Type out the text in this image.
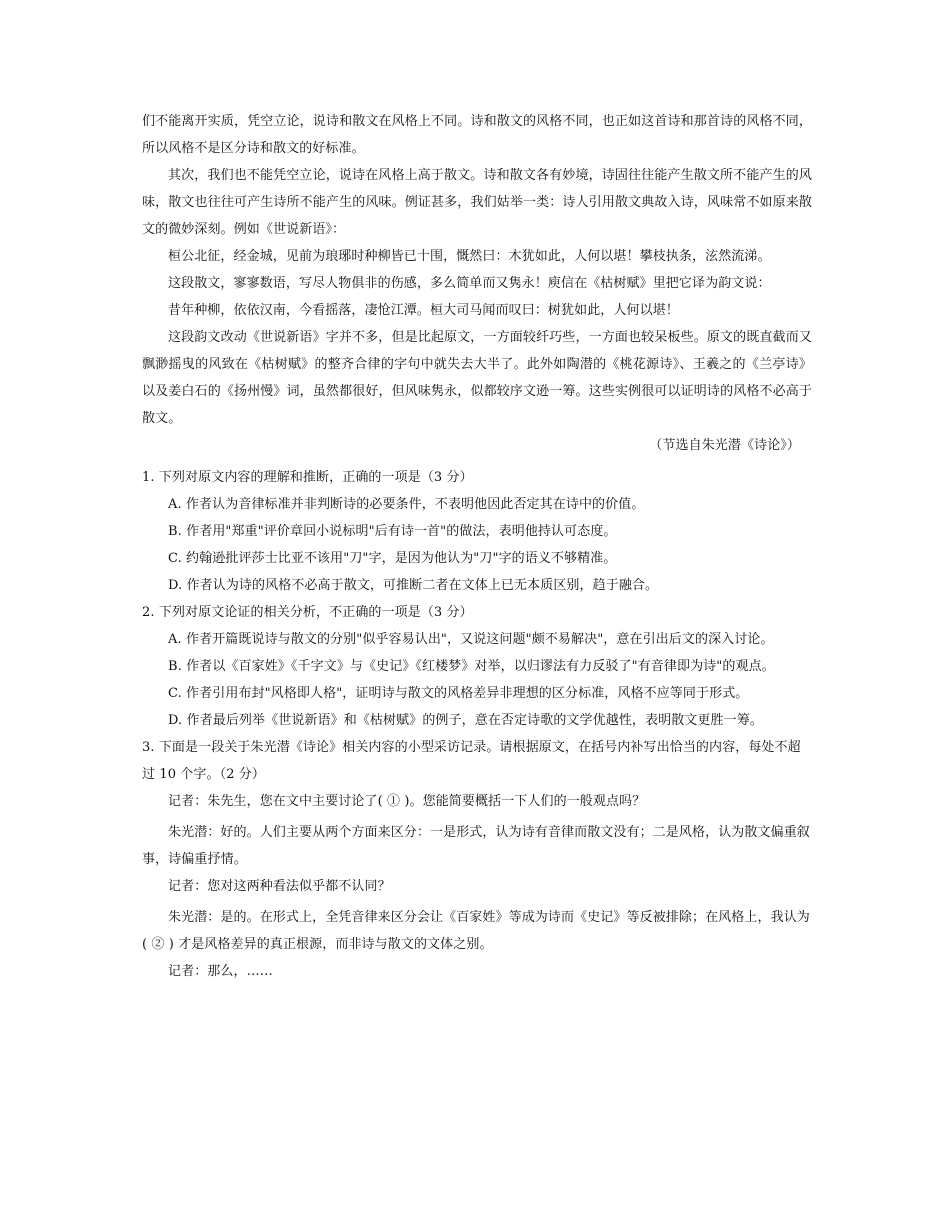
们不能离开实质，凭空立论，说诗和散文在风格上不同。诗和散文的风格不同，也正如这首诗和那首诗的风格不同，所以风格不是区分诗和散文的好标准。

其次，我们也不能凭空立论，说诗在风格上高于散文。诗和散文各有妙境，诗固往往能产生散文所不能产生的风味，散文也往往可产生诗所不能产生的风味。例证甚多，我们姑举一类：诗人引用散文典故入诗，风味常不如原来散文的微妙深刻。例如《世说新语》：

桓公北征，经金城，见前为琅琊时种柳皆已十围，慨然曰：木犹如此，人何以堪！攀枝执条，泫然流涕。

这段散文，寥寥数语，写尽人物俱非的伤感，多么简单而又隽永！庾信在《枯树赋》里把它译为韵文说：

昔年种柳，依依汉南，今看摇落，凄怆江潭。桓大司马闻而叹曰：树犹如此，人何以堪！

这段韵文改动《世说新语》字并不多，但是比起原文，一方面较纤巧些，一方面也较呆板些。原文的既直截而又飘渺摇曳的风致在《枯树赋》的整齐合律的字句中就失去大半了。此外如陶潜的《桃花源诗》、王羲之的《兰亭诗》以及姜白石的《扬州慢》词，虽然都很好，但风味隽永，似都较序文逊一筹。这些实例很可以证明诗的风格不必高于散文。

（节选自朱光潜《诗论》）

1. 下列对原文内容的理解和推断，正确的一项是（3 分）

A. 作者认为音律标准并非判断诗的必要条件，不表明他因此否定其在诗中的价值。

B. 作者用"郑重"评价章回小说标明"后有诗一首"的做法，表明他持认可态度。

C. 约翰逊批评莎士比亚不该用"刀"字，是因为他认为"刀"字的语义不够精准。

D. 作者认为诗的风格不必高于散文，可推断二者在文体上已无本质区别，趋于融合。

2. 下列对原文论证的相关分析，不正确的一项是（3 分）

A. 作者开篇既说诗与散文的分别"似乎容易认出"，又说这问题"颇不易解决"，意在引出后文的深入讨论。

B. 作者以《百家姓》《千字文》与《史记》《红楼梦》对举，以归谬法有力反驳了"有音律即为诗"的观点。

C. 作者引用布封"风格即人格"，证明诗与散文的风格差异非理想的区分标准，风格不应等同于形式。

D. 作者最后列举《世说新语》和《枯树赋》的例子，意在否定诗歌的文学优越性，表明散文更胜一筹。

3. 下面是一段关于朱光潜《诗论》相关内容的小型采访记录。请根据原文，在括号内补写出恰当的内容，每处不超过 10 个字。（2 分）

记者：朱先生，您在文中主要讨论了( ① )。您能简要概括一下人们的一般观点吗？

朱光潜：好的。人们主要从两个方面来区分：一是形式，认为诗有音律而散文没有；二是风格，认为散文偏重叙事，诗偏重抒情。

记者：您对这两种看法似乎都不认同？

朱光潜：是的。在形式上，全凭音律来区分会让《百家姓》等成为诗而《史记》等反被排除；在风格上，我认为( ② ) 才是风格差异的真正根源，而非诗与散文的文体之别。

记者：那么，……
